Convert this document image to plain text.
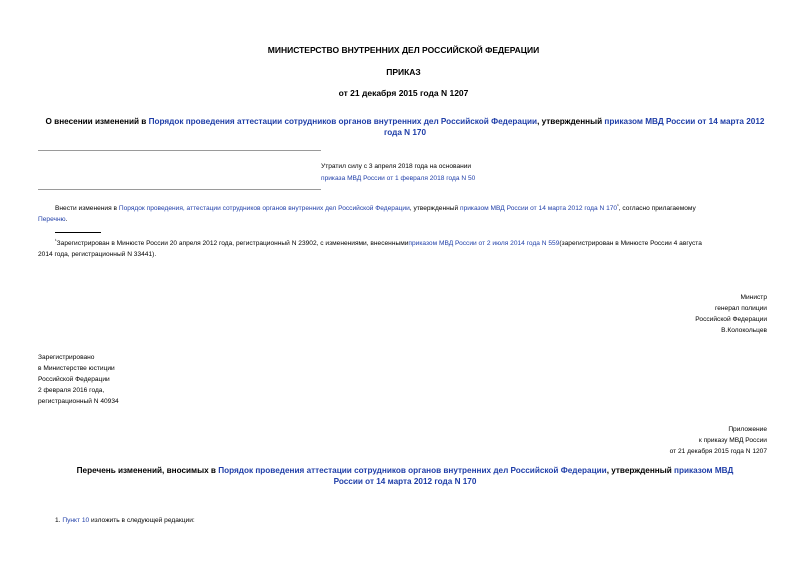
МИНИСТЕРСТВО ВНУТРЕННИХ ДЕЛ РОССИЙСКОЙ ФЕДЕРАЦИИ
ПРИКАЗ
от 21 декабря 2015 года N 1207
О внесении изменений в Порядок проведения аттестации сотрудников органов внутренних дел Российской Федерации, утвержденный приказом МВД России от 14 марта 2012 года N 170
Утратил силу с 3 апреля 2018 года на основании
приказа МВД России от 1 февраля 2018 года N 50
Внести изменения в Порядок проведения, аттестации сотрудников органов внутренних дел Российской Федерации, утвержденный приказом МВД России от 14 марта 2012 года N $170^{^1}$, согласно прилагаемому
Перечню.
$^{^1}$Зарегистрирован в Минюсте России 20 апреля 2012 года, регистрационный N 23902, с изменениями, внесеннымиприказом МВД России от 2 июля 2014 года N 559(зарегистрирован в Минюсте России 4 августа
2014 года, регистрационный N 33441).
Министр
генерал полиции
Российской Федерации
В.Колокольцев
Зарегистрировано
в Министерстве юстиции
Российской Федерации
2 февраля 2016 года,
регистрационный N 40934
Приложение
к приказу МВД России
от 21 декабря 2015 года N 1207
Перечень изменений, вносимых в Порядок проведения аттестации сотрудников органов внутренних дел Российской Федерации, утвержденный приказом МВД
России от 14 марта 2012 года N 170
1. Пункт 10 изложить в следующей редакции:
